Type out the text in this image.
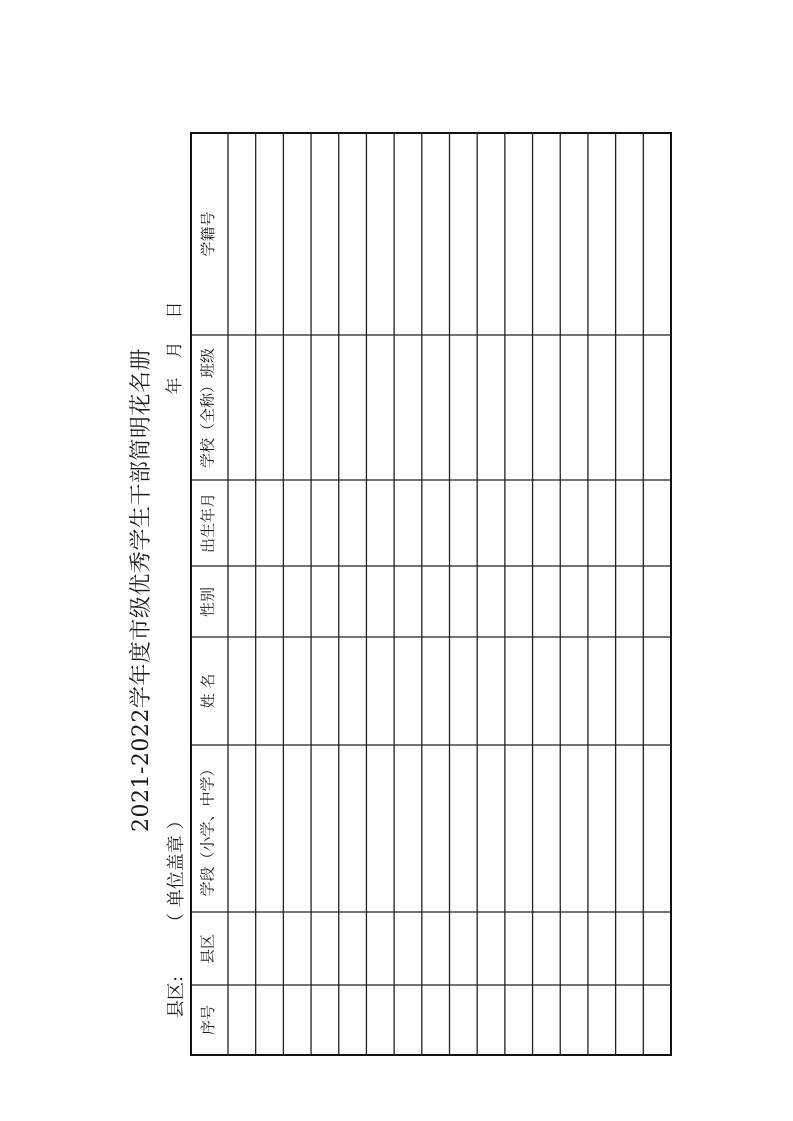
2021-2022学年度市级优秀学生干部简明花名册
县区:
（ 单位盖章 ）
年
月
日
序号
县区
学段（小学、中学）
姓 名
性别
出生年月
学校（全称）班级
学籍号
